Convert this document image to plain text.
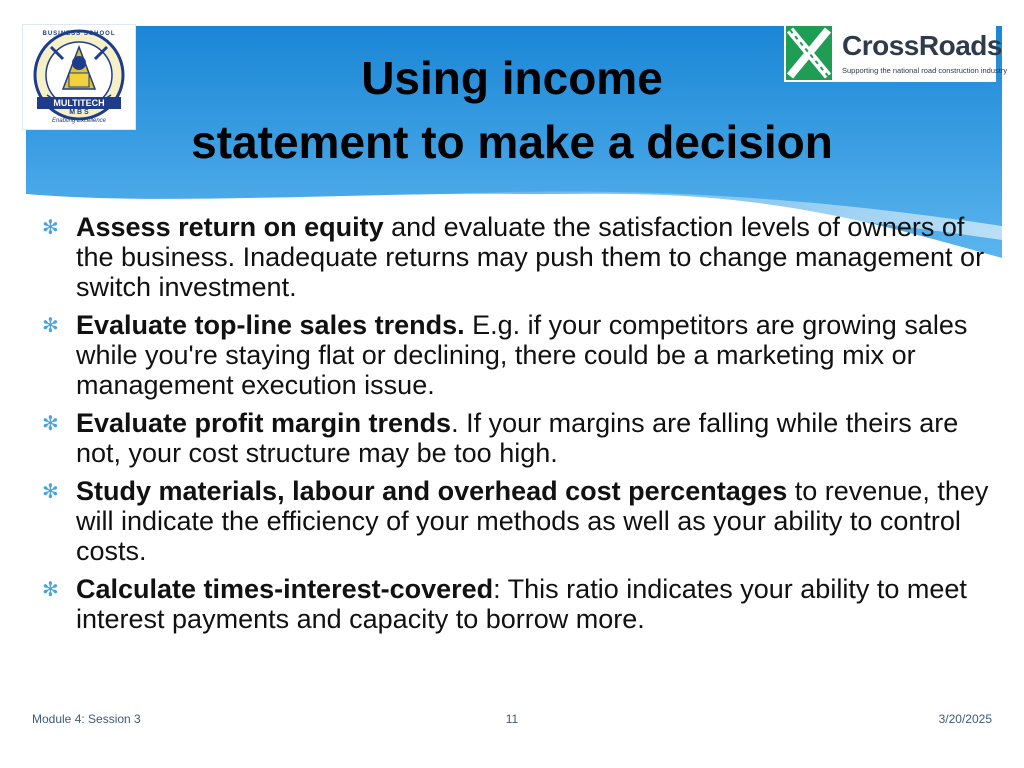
BUSINESS SCHOOL
MULTITECH
M B S
Enabling Excellence
CrossRoads
Supporting the national road construction industry
Using income
statement to make a decision
✻ Assess return on equity and evaluate the satisfaction levels of owners of the business. Inadequate returns may push them to change management or switch investment.
✻ Evaluate top-line sales trends. E.g. if your competitors are growing sales while you're staying flat or declining, there could be a marketing mix or management execution issue.
✻ Evaluate profit margin trends. If your margins are falling while theirs are not, your cost structure may be too high.
✻ Study materials, labour and overhead cost percentages to revenue, they will indicate the efficiency of your methods as well as your ability to control costs.
✻ Calculate times-interest-covered: This ratio indicates your ability to meet interest payments and capacity to borrow more.
Module 4: Session 3	11	3/20/2025
